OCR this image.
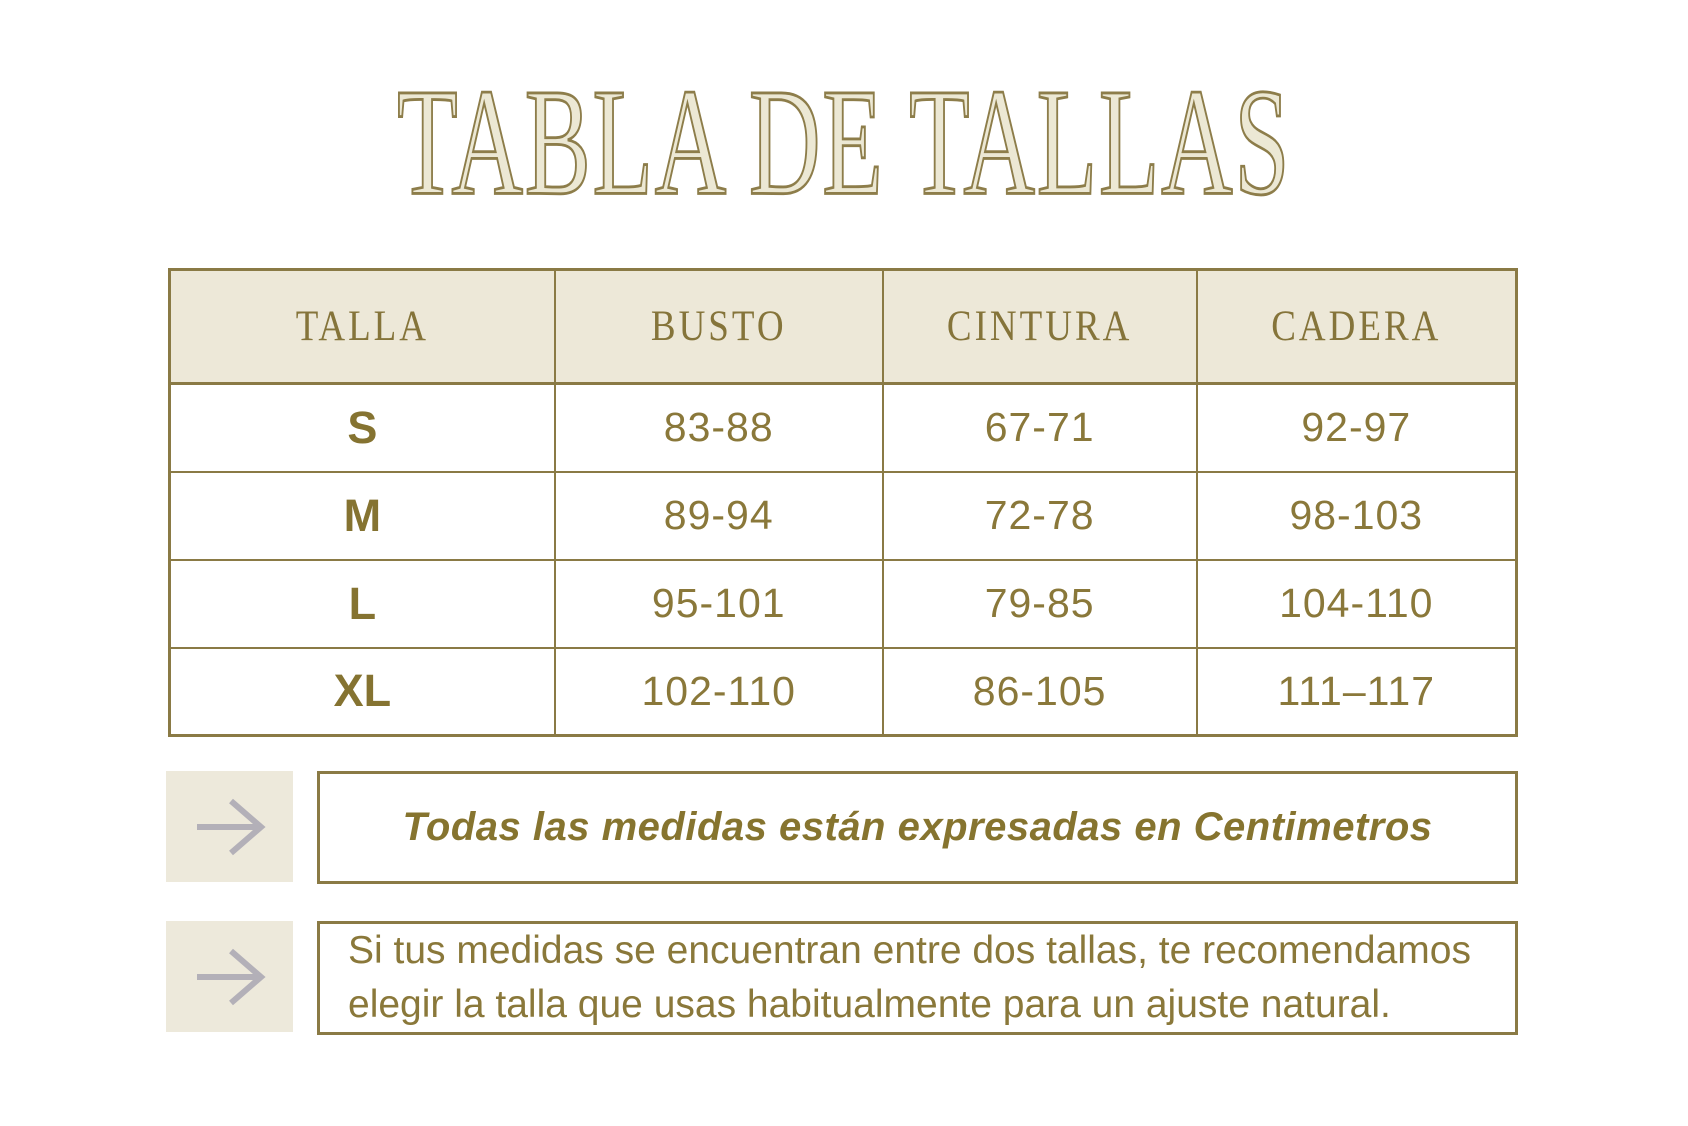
TABLA DE TALLAS
TALLA	BUSTO	CINTURA	CADERA
S	83-88	67-71	92-97
M	89-94	72-78	98-103
L	95-101	79-85	104-110
XL	102-110	86-105	111–117
Todas las medidas están expresadas en Centimetros
Si tus medidas se encuentran entre dos tallas, te recomendamos
elegir la talla que usas habitualmente para un ajuste natural.
